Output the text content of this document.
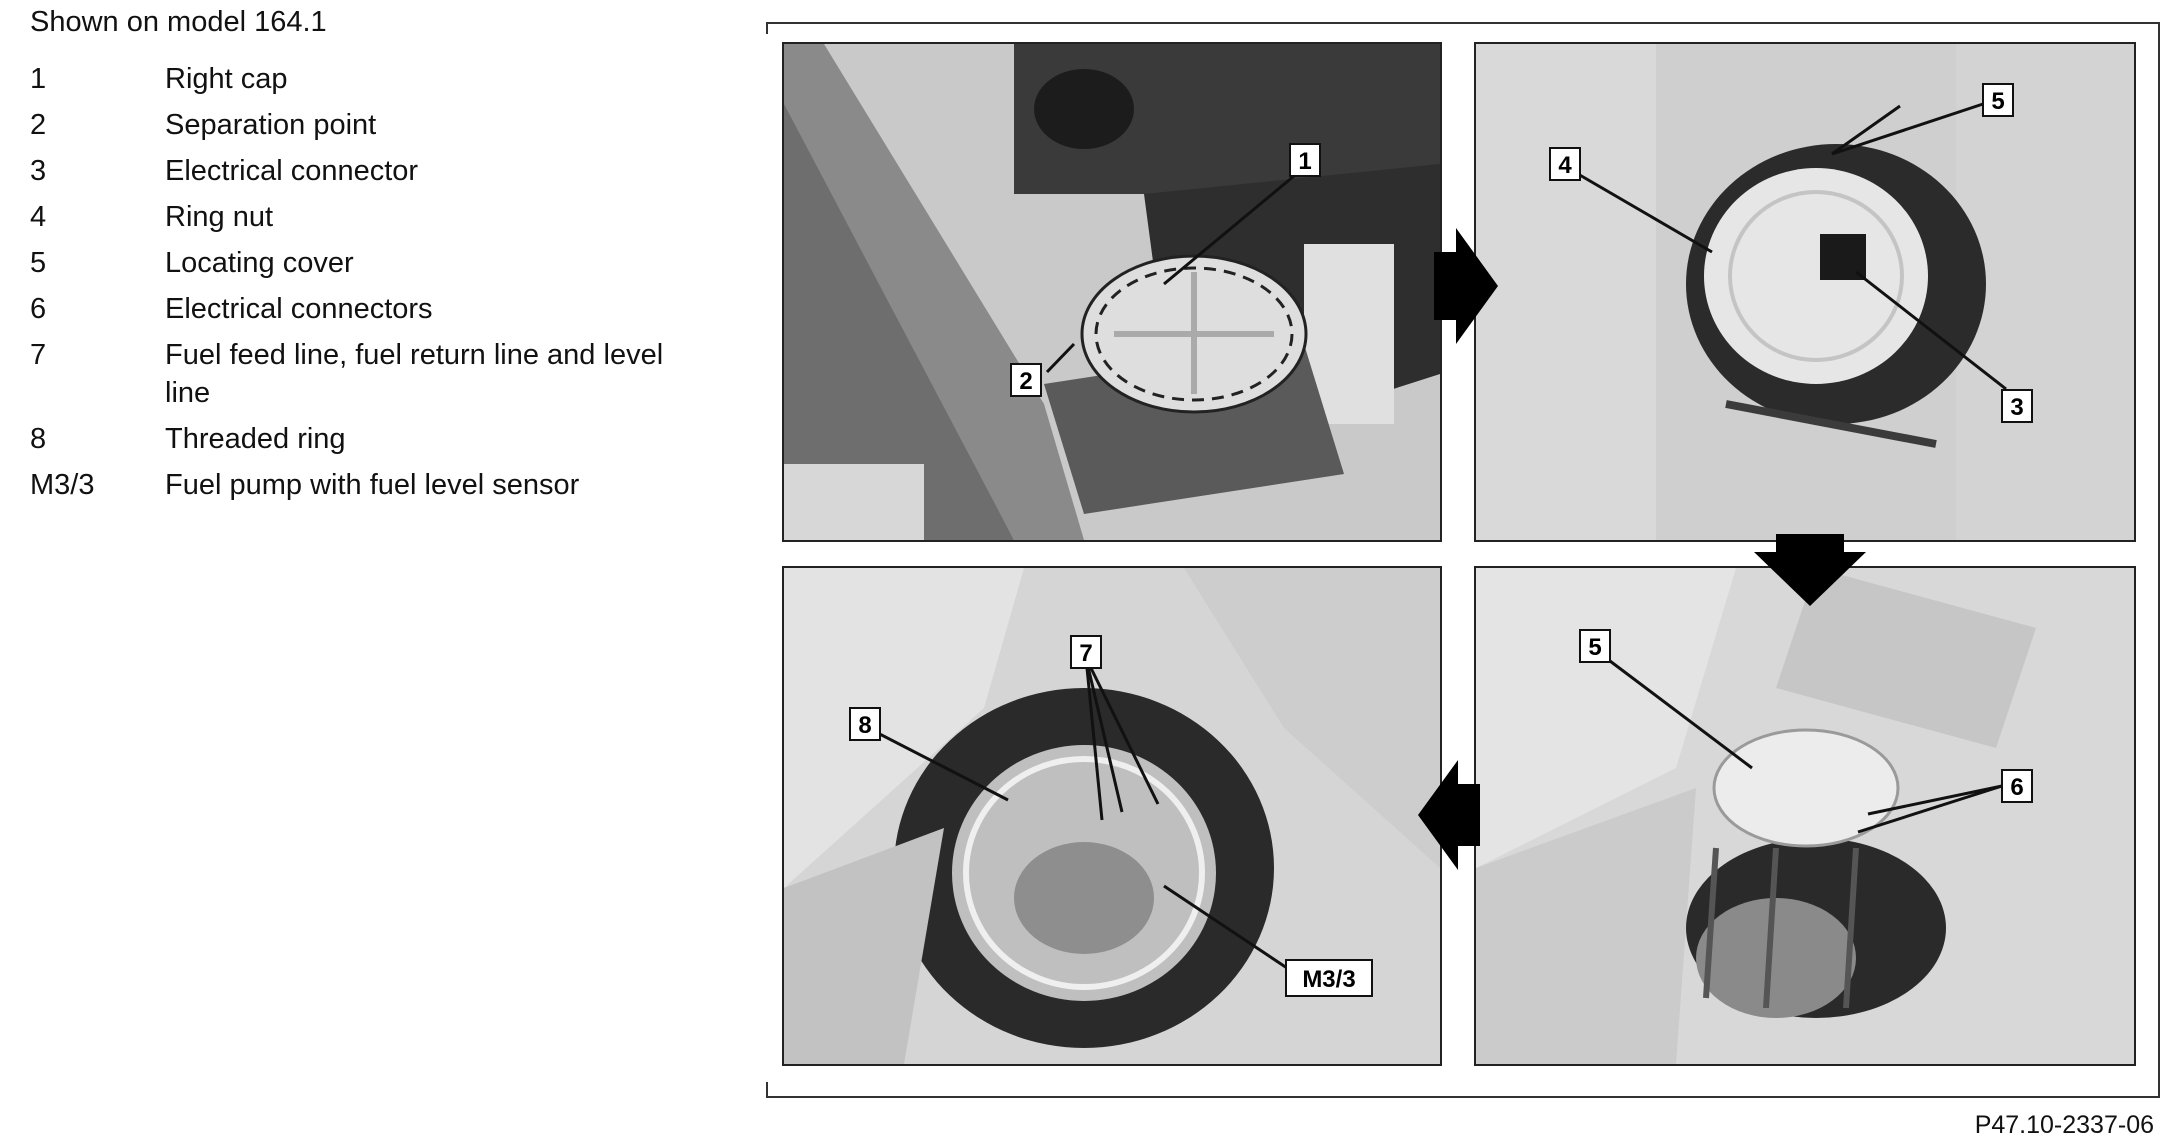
Shown on model 164.1
1	Right cap
2	Separation point
3	Electrical connector
4	Ring nut
5	Locating cover
6	Electrical connectors
7	Fuel feed line, fuel return line and level line
8	Threaded ring
M3/3	Fuel pump with fuel level sensor
1
2
5
4
3
7
8
M3/3
5
6
P47.10-2337-06
